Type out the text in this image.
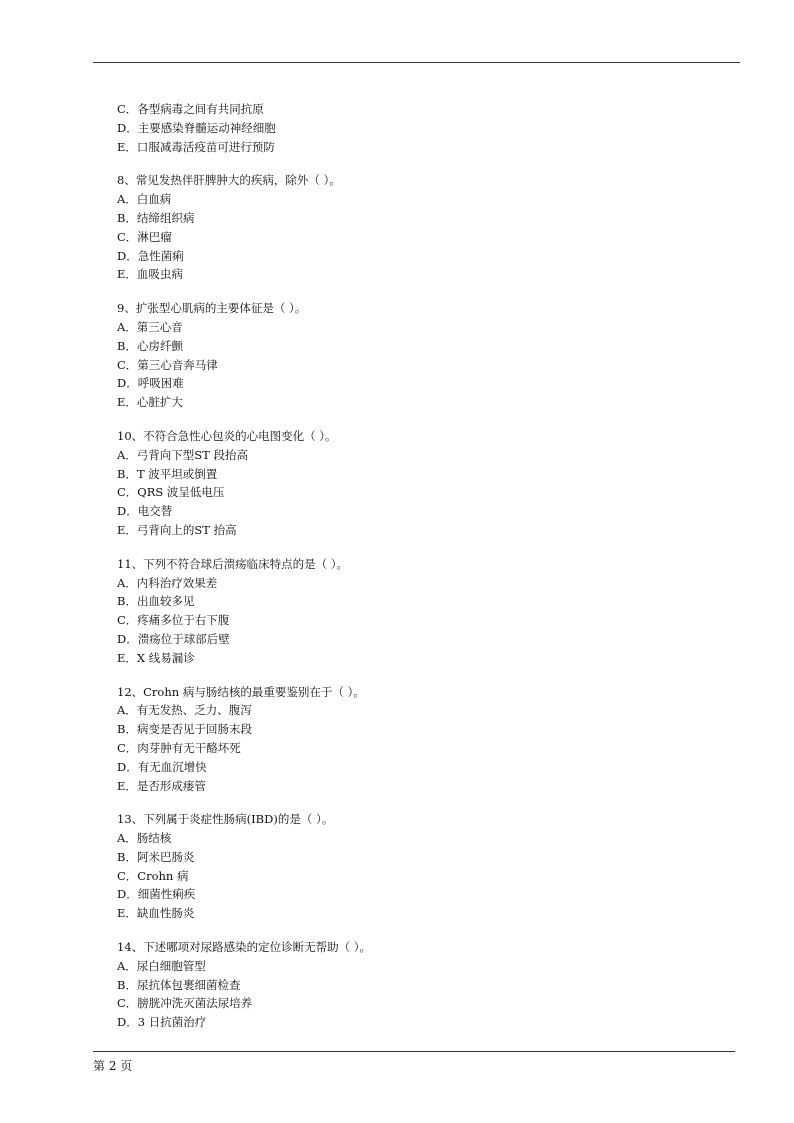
C．各型病毒之间有共同抗原
D．主要感染脊髓运动神经细胞
E．口服减毒活疫苗可进行预防
8、常见发热伴肝脾肿大的疾病，除外（ ）。
A．白血病
B．结缔组织病
C．淋巴瘤
D．急性菌痢
E．血吸虫病
9、扩张型心肌病的主要体征是（ ）。
A．第三心音
B．心房纤颤
C．第三心音奔马律
D．呼吸困难
E．心脏扩大
10、不符合急性心包炎的心电图变化（ ）。
A．弓背向下型ST 段抬高
B．T 波平坦或倒置
C．QRS 波呈低电压
D．电交替
E．弓背向上的ST 抬高
11、下列不符合球后溃疡临床特点的是（ ）。
A．内科治疗效果差
B．出血较多见
C．疼痛多位于右下腹
D．溃疡位于球部后壁
E．X 线易漏诊
12、Crohn 病与肠结核的最重要鉴别在于（ ）。
A．有无发热、乏力、腹泻
B．病变是否见于回肠末段
C．肉芽肿有无干酪坏死
D．有无血沉增快
E．是否形成瘘管
13、下列属于炎症性肠病(IBD)的是（ ）。
A．肠结核
B．阿米巴肠炎
C．Crohn 病
D．细菌性痢疾
E．缺血性肠炎
14、下述哪项对尿路感染的定位诊断无帮助（ ）。
A．尿白细胞管型
B．尿抗体包裹细菌检查
C．膀胱冲洗灭菌法尿培养
D．3 日抗菌治疗
第 2 页
